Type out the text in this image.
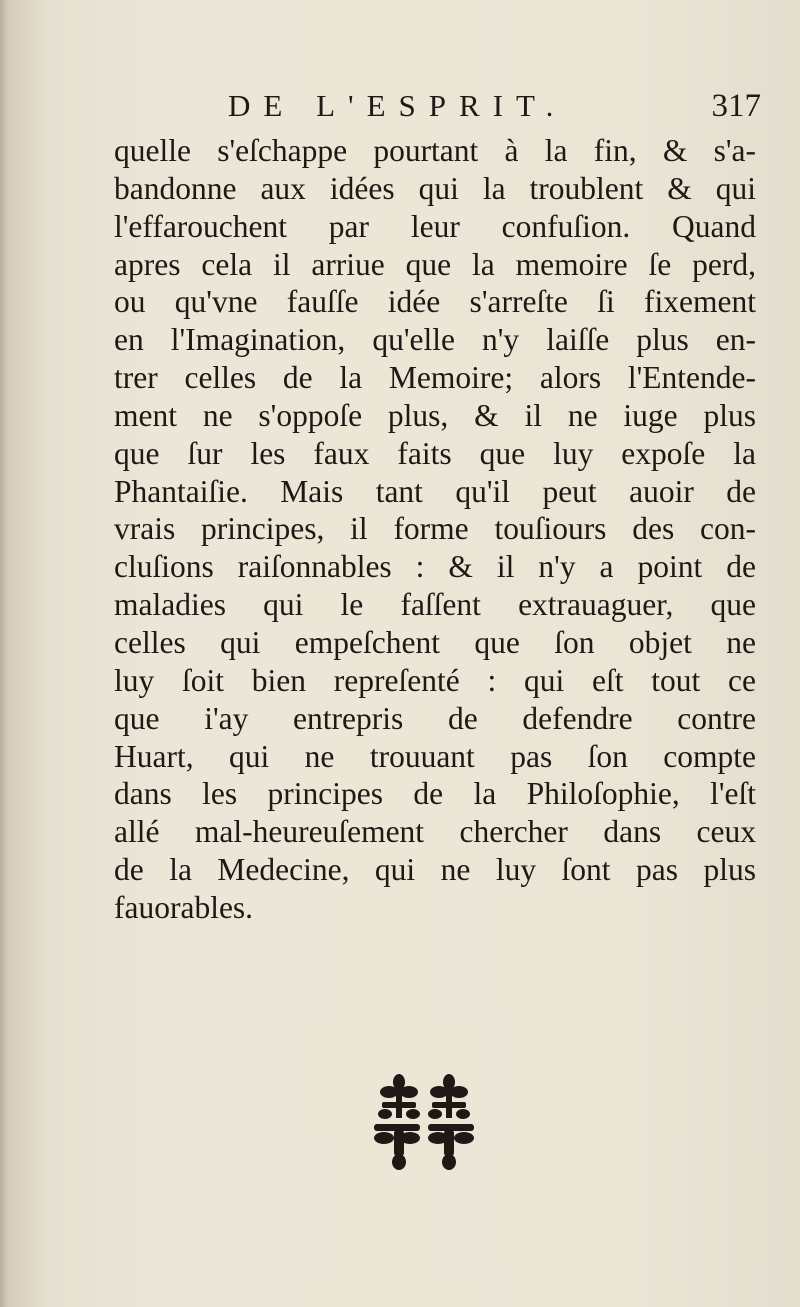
DE L'ESPRIT.	317
quelle s'eſchappe pourtant à la fin, & s'a-
bandonne aux idées qui la troublent & qui
l'effarouchent par leur confuſion. Quand
apres cela il arriue que la memoire ſe perd,
ou qu'vne fauſſe idée s'arreſte ſi fixement
en l'Imagination, qu'elle n'y laiſſe plus en-
trer celles de la Memoire; alors l'Entende-
ment ne s'oppoſe plus, & il ne iuge plus
que ſur les faux faits que luy expoſe la
Phantaiſie. Mais tant qu'il peut auoir de
vrais principes, il forme touſiours des con-
cluſions raiſonnables : & il n'y a point de
maladies qui le faſſent extrauaguer, que
celles qui empeſchent que ſon objet ne
luy ſoit bien repreſenté : qui eſt tout ce
que i'ay entrepris de defendre contre
Huart, qui ne trouuant pas ſon compte
dans les principes de la Philoſophie, l'eſt
allé mal-heureuſement chercher dans ceux
de la Medecine, qui ne luy ſont pas plus
fauorables.
